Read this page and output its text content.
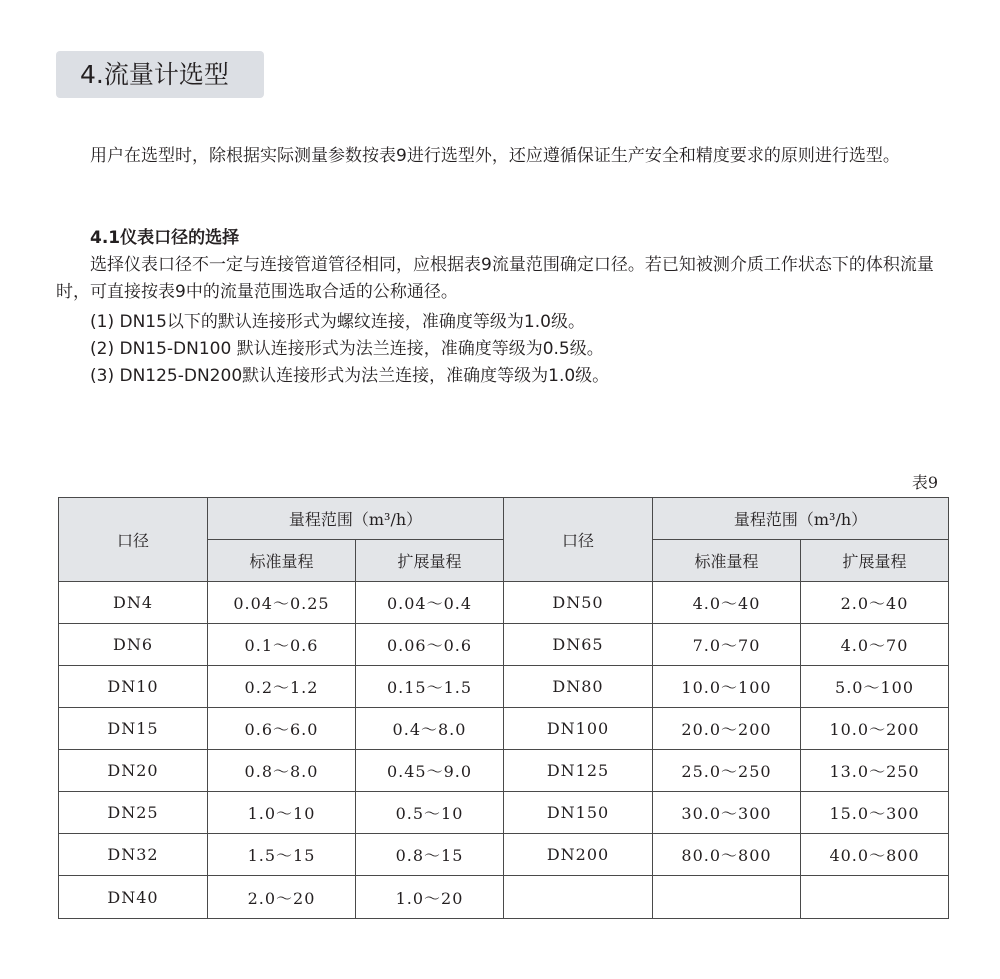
4.流量计选型

用户在选型时，除根据实际测量参数按表9进行选型外，还应遵循保证生产安全和精度要求的原则进行选型。

4.1仪表口径的选择

选择仪表口径不一定与连接管道管径相同，应根据表9流量范围确定口径。若已知被测介质工作状态下的体积流量时，可直接按表9中的流量范围选取合适的公称通径。

(1) DN15以下的默认连接形式为螺纹连接，准确度等级为1.0级。
(2) DN15-DN100 默认连接形式为法兰连接，准确度等级为0.5级。
(3) DN125-DN200默认连接形式为法兰连接，准确度等级为1.0级。
表9
口径	量程范围（m³/h）		口径	量程范围（m³/h）	
	标准量程	扩展量程		标准量程	扩展量程
DN4	0.04～0.25	0.04～0.4	DN50	4.0～40	2.0～40
DN6	0.1～0.6	0.06～0.6	DN65	7.0～70	4.0～70
DN10	0.2～1.2	0.15～1.5	DN80	10.0～100	5.0～100
DN15	0.6～6.0	0.4～8.0	DN100	20.0～200	10.0～200
DN20	0.8～8.0	0.45～9.0	DN125	25.0～250	13.0～250
DN25	1.0～10	0.5～10	DN150	30.0～300	15.0～300
DN32	1.5～15	0.8～15	DN200	80.0～800	40.0～800
DN40	2.0～20	1.0～20			
